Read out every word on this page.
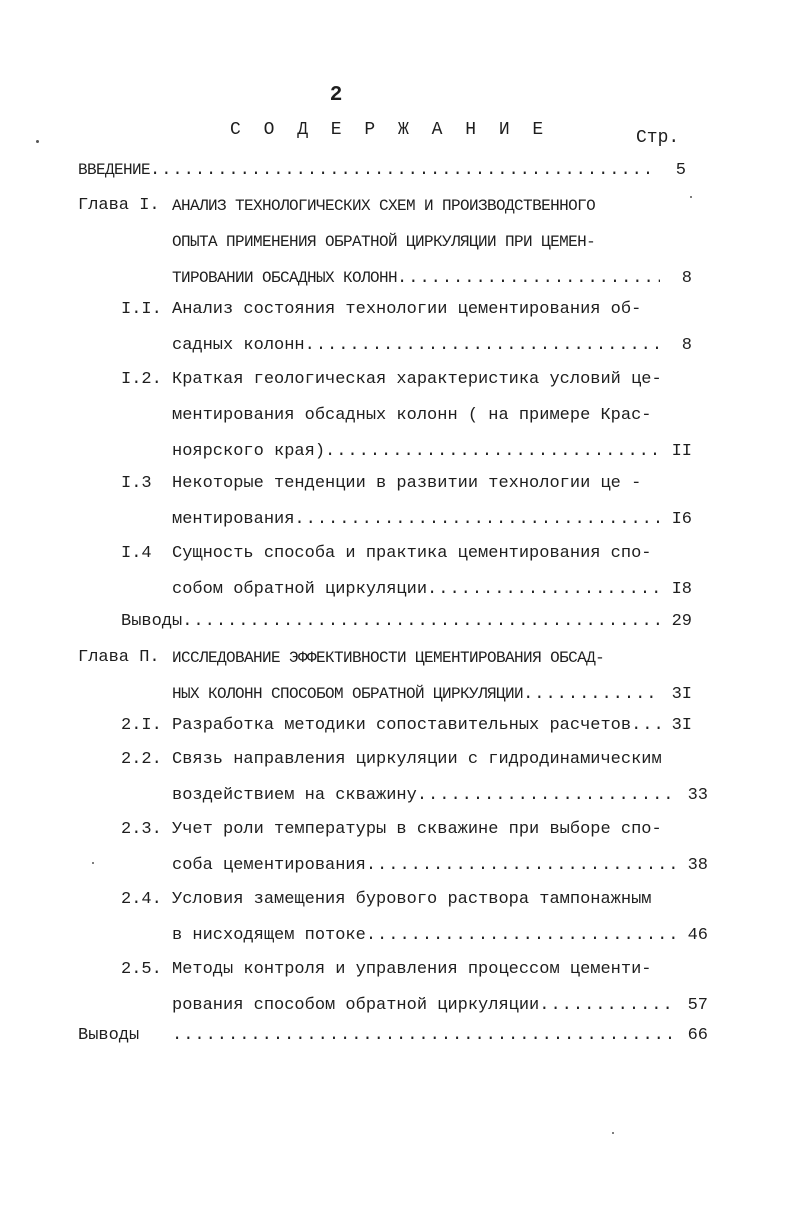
2
С О Д Е Р Ж А Н И Е	Стр.
ВВЕДЕНИЕ .....	5
Глава I. АНАЛИЗ ТЕХНОЛОГИЧЕСКИХ СХЕМ И ПРОИЗВОДСТВЕННОГО
ОПЫТА ПРИМЕНЕНИЯ ОБРАТНОЙ ЦИРКУЛЯЦИИ ПРИ ЦЕМЕН-
ТИРОВАНИИ ОБСАДНЫХ КОЛОНН .....	8
I.I. Анализ состояния технологии цементирования об-
садных колонн .....	8
I.2. Краткая геологическая характеристика условий це-
ментирования обсадных колонн ( на примере Крас-
ноярского края) .....	II
I.3 Некоторые тенденции в развитии технологии це -
ментирования .....	I6
I.4 Сущность способа и практика цементирования спо-
собом обратной циркуляции .....	I8
Выводы .....	29
Глава П. ИССЛЕДОВАНИЕ ЭФФЕКТИВНОСТИ ЦЕМЕНТИРОВАНИЯ ОБСАД-
НЫХ КОЛОНН СПОСОБОМ ОБРАТНОЙ ЦИРКУЛЯЦИИ .....	3I
2.I. Разработка методики сопоставительных расчетов .....	3I
2.2. Связь направления циркуляции с гидродинамическим
воздействием на скважину .....	33
2.3. Учет роли температуры в скважине при выборе спо-
соба цементирования .....	38
2.4. Условия замещения бурового раствора тампонажным
в нисходящем потоке .....	46
2.5. Методы контроля и управления процессом цементи-
рования способом обратной циркуляции .....	57
Выводы .....	66
